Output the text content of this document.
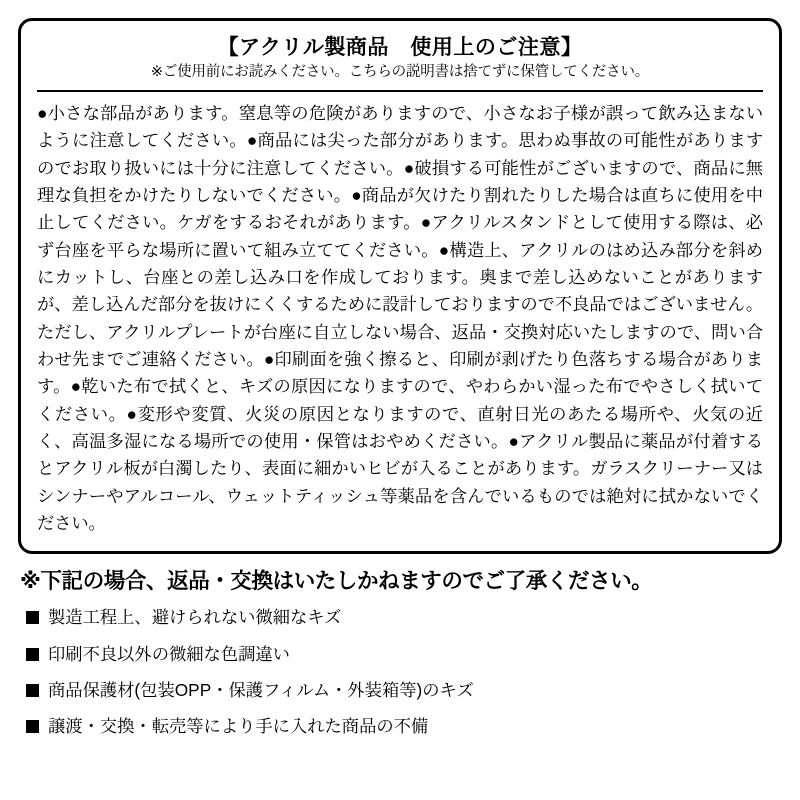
【アクリル製商品　使用上のご注意】
※ご使用前にお読みください。こちらの説明書は捨てずに保管してください。

●小さな部品があります。窒息等の危険がありますので、小さなお子様が誤って飲み込まないように注意してください。●商品には尖った部分があります。思わぬ事故の可能性がありますのでお取り扱いには十分に注意してください。●破損する可能性がございますので、商品に無理な負担をかけたりしないでください。●商品が欠けたり割れたりした場合は直ちに使用を中止してください。ケガをするおそれがあります。●アクリルスタンドとして使用する際は、必ず台座を平らな場所に置いて組み立ててください。●構造上、アクリルのはめ込み部分を斜めにカットし、台座との差し込み口を作成しております。奥まで差し込めないことがありますが、差し込んだ部分を抜けにくくするために設計しておりますので不良品ではございません。ただし、アクリルプレートが台座に自立しない場合、返品・交換対応いたしますので、問い合わせ先までご連絡ください。●印刷面を強く擦ると、印刷が剥げたり色落ちする場合があります。●乾いた布で拭くと、キズの原因になりますので、やわらかい湿った布でやさしく拭いてください。●変形や変質、火災の原因となりますので、直射日光のあたる場所や、火気の近く、高温多湿になる場所での使用・保管はおやめください。●アクリル製品に薬品が付着するとアクリル板が白濁したり、表面に細かいヒビが入ることがあります。ガラスクリーナー又はシンナーやアルコール、ウェットティッシュ等薬品を含んでいるものでは絶対に拭かないでください。

※下記の場合、返品・交換はいたしかねますのでご了承ください。
製造工程上、避けられない微細なキズ
印刷不良以外の微細な色調違い
商品保護材(包装OPP・保護フィルム・外装箱等)のキズ
譲渡・交換・転売等により手に入れた商品の不備
